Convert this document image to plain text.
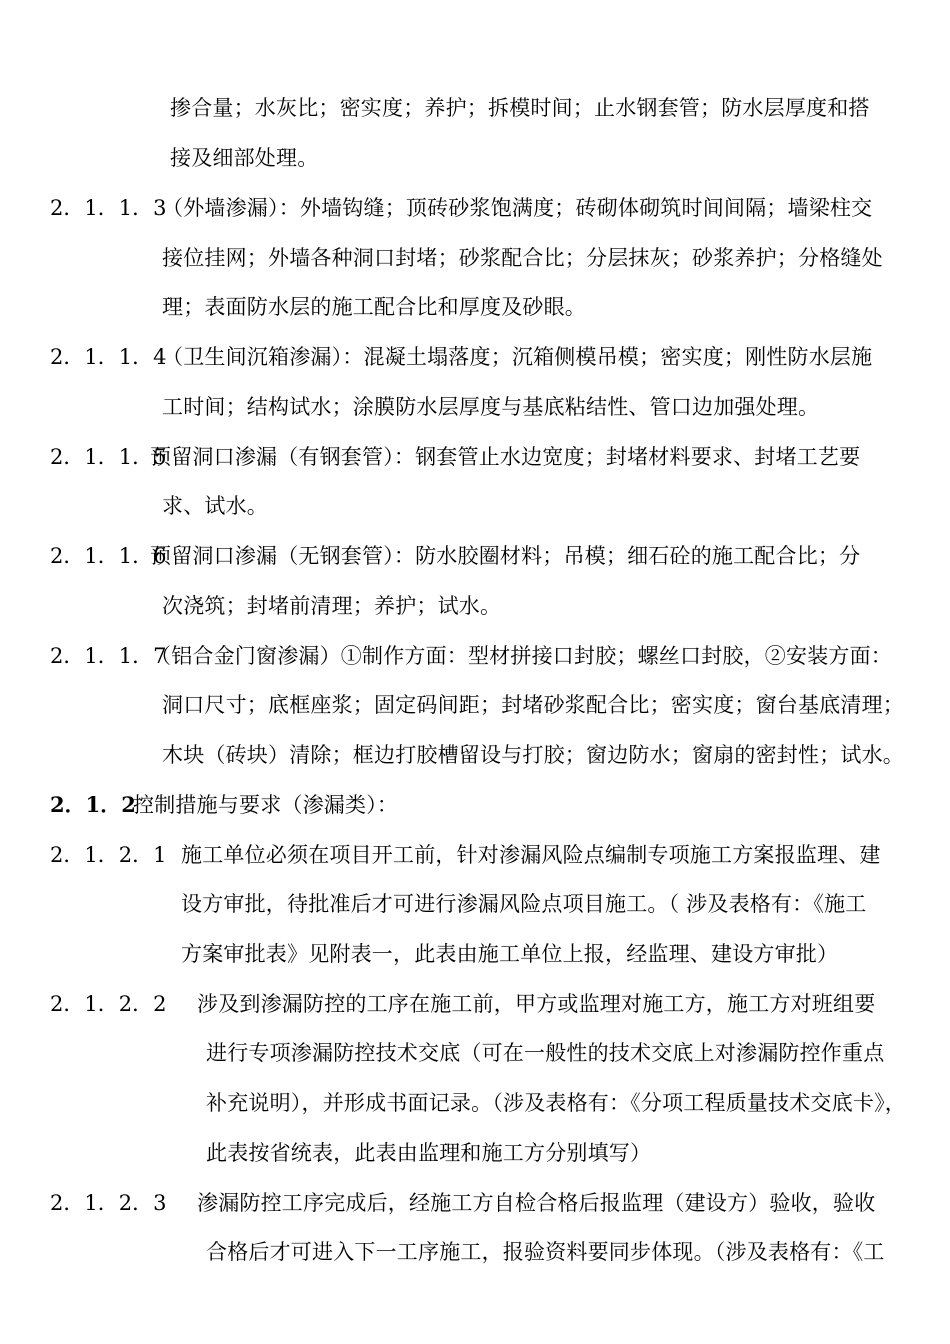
掺合量；水灰比；密实度；养护；拆模时间；止水钢套管；防水层厚度和搭
接及细部处理。
2．1．1．3
（外墙渗漏）：外墙钩缝；顶砖砂浆饱满度；砖砌体砌筑时间间隔；墙梁柱交
接位挂网；外墙各种洞口封堵；砂浆配合比；分层抹灰；砂浆养护；分格缝处
理；表面防水层的施工配合比和厚度及砂眼。
2．1．1．4
（卫生间沉箱渗漏）：混凝土塌落度；沉箱侧模吊模；密实度；刚性防水层施
工时间；结构试水；涂膜防水层厚度与基底粘结性、管口边加强处理。
2．1．1．5
预留洞口渗漏（有钢套管）：钢套管止水边宽度；封堵材料要求、封堵工艺要
求、试水。
2．1．1．6
预留洞口渗漏（无钢套管）：防水胶圈材料；吊模；细石砼的施工配合比；分
次浇筑；封堵前清理；养护；试水。
2．1．1．7
（铝合金门窗渗漏）①制作方面：型材拼接口封胶；螺丝口封胶，②安装方面：
洞口尺寸；底框座浆；固定码间距；封堵砂浆配合比；密实度；窗台基底清理；
木块（砖块）清除；框边打胶槽留设与打胶；窗边防水；窗扇的密封性；试水。
2．1．2
控制措施与要求（渗漏类）：
2．1．2．1 施工单位必须在项目开工前，针对渗漏风险点编制专项施工方案报监理、建
设方审批，待批准后才可进行渗漏风险点项目施工。（ 涉及表格有：《施工
方案审批表》见附表一，此表由施工单位上报，经监理、建设方审批）
2．1．2．2 涉及到渗漏防控的工序在施工前，甲方或监理对施工方，施工方对班组要
进行专项渗漏防控技术交底（可在一般性的技术交底上对渗漏防控作重点
补充说明），并形成书面记录。（涉及表格有：《分项工程质量技术交底卡》，
此表按省统表，此表由监理和施工方分别填写）
2．1．2．3 渗漏防控工序完成后，经施工方自检合格后报监理（建设方）验收，验收
合格后才可进入下一工序施工，报验资料要同步体现。（涉及表格有：《工
